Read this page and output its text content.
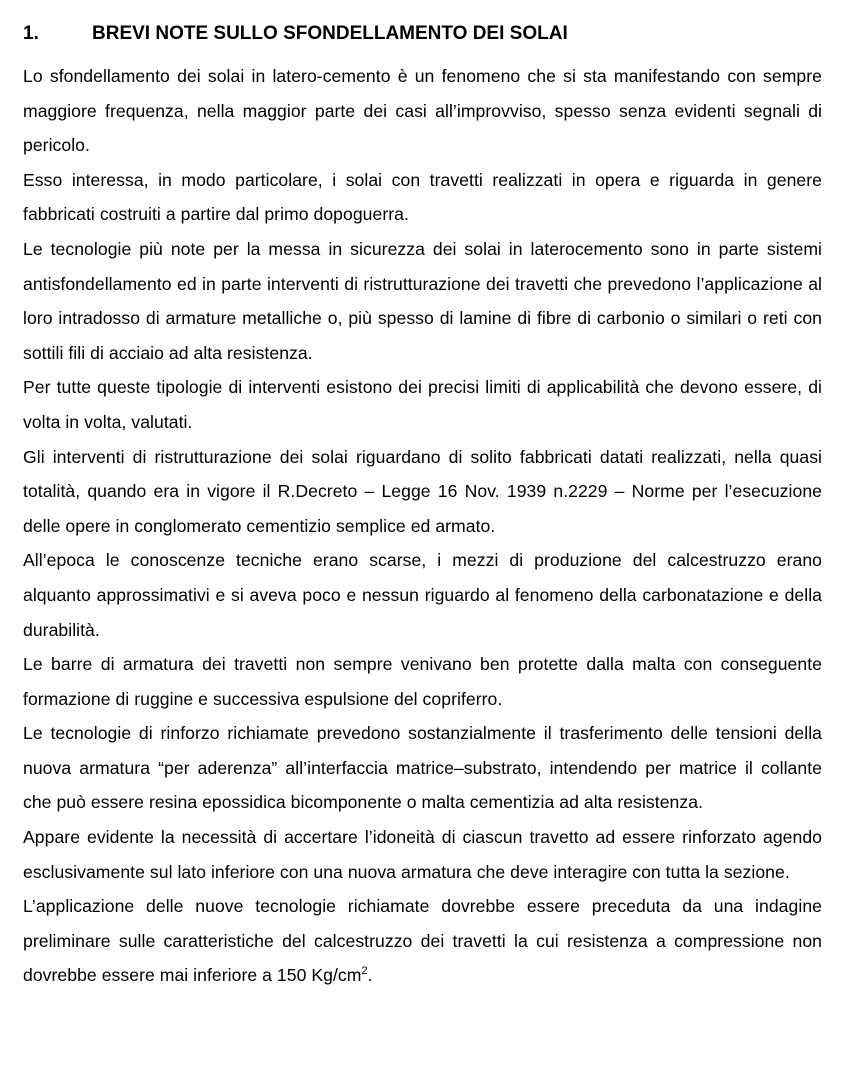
1.	BREVI NOTE SULLO SFONDELLAMENTO DEI SOLAI

Lo sfondellamento dei solai in latero-cemento è un fenomeno che si sta manifestando con sempre maggiore frequenza, nella maggior parte dei casi all’improvviso, spesso senza evidenti segnali di pericolo.

Esso interessa, in modo particolare, i solai con travetti realizzati in opera e riguarda in genere fabbricati costruiti a partire dal primo dopoguerra.

Le tecnologie più note per la messa in sicurezza dei solai in laterocemento sono in parte sistemi antisfondellamento ed in parte interventi di ristrutturazione dei travetti che prevedono l’applicazione al loro intradosso di armature metalliche o, più spesso di lamine di fibre di carbonio o similari o reti con sottili fili di acciaio ad alta resistenza.

Per tutte queste tipologie di interventi esistono dei precisi limiti di applicabilità che devono essere, di volta in volta, valutati.

Gli interventi di ristrutturazione dei solai riguardano di solito fabbricati datati realizzati, nella quasi totalità, quando era in vigore il R.Decreto – Legge 16 Nov. 1939 n.2229 – Norme per l’esecuzione delle opere in conglomerato cementizio semplice ed armato.

All’epoca le conoscenze tecniche erano scarse, i mezzi di produzione del calcestruzzo erano alquanto approssimativi e si aveva poco e nessun riguardo al fenomeno della carbonatazione e della durabilità.

Le barre di armatura dei travetti non sempre venivano ben protette dalla malta con conseguente formazione di ruggine e successiva espulsione del copriferro.

Le tecnologie di rinforzo richiamate prevedono sostanzialmente il trasferimento delle tensioni della nuova armatura “per aderenza” all’interfaccia matrice–substrato, intendendo per matrice il collante che può essere resina epossidica bicomponente o malta cementizia ad alta resistenza.

Appare evidente la necessità di accertare l’idoneità di ciascun travetto ad essere rinforzato agendo esclusivamente sul lato inferiore con una nuova armatura che deve interagire con tutta la sezione.

L’applicazione delle nuove tecnologie richiamate dovrebbe essere preceduta da una indagine preliminare sulle caratteristiche del calcestruzzo dei travetti la cui resistenza a compressione non dovrebbe essere mai inferiore a 150 $Kg/cm^2$.
